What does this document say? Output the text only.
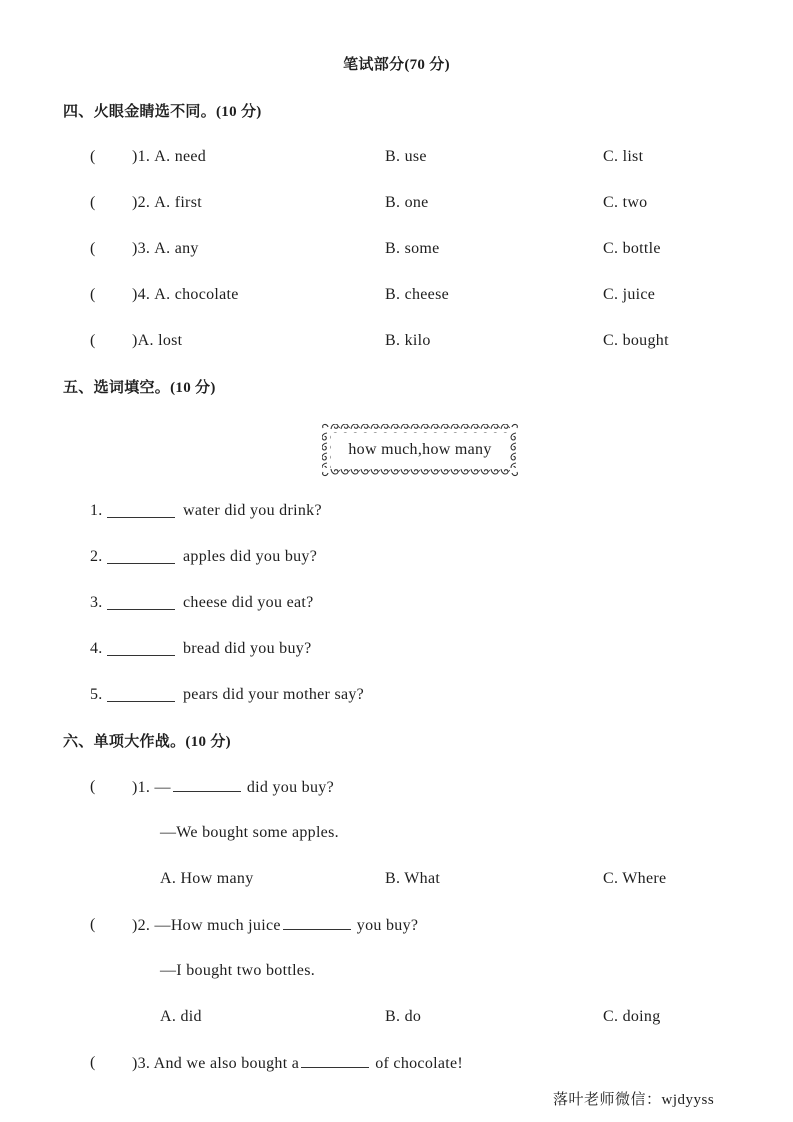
笔试部分(70 分)
四、火眼金睛选不同。(10 分)
( )1. A. need	B. use	C. list
( )2. A. first	B. one	C. two
( )3. A. any	B. some	C. bottle
( )4. A. chocolate	B. cheese	C. juice
( )A. lost	B. kilo	C. bought
五、选词填空。(10 分)
how much,how many
1.	water did you drink?
2.	apples did you buy?
3.	cheese did you eat?
4.	bread did you buy?
5.	pears did your mother say?
六、单项大作战。(10 分)
( )1. —	did you buy?
—We bought some apples.
A. How many	B. What	C. Where
( )2. —How much juice	you buy?
—I bought two bottles.
A. did	B. do	C. doing
( )3. And we also bought a	of chocolate!
落叶老师微信：wjdyyss
